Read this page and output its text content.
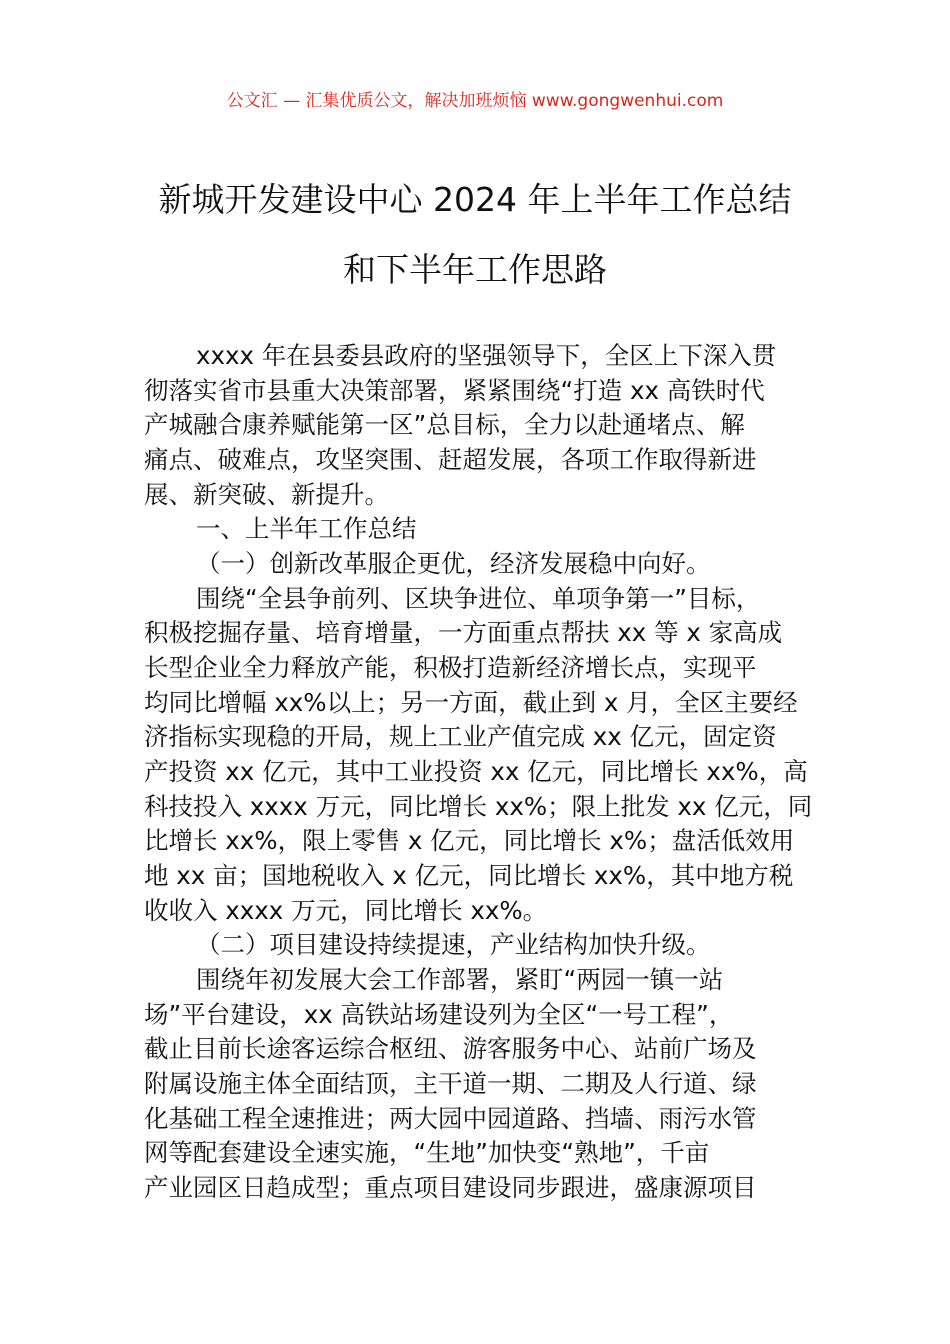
公文汇 — 汇集优质公文，解决加班烦恼 www.gongwenhui.com
新城开发建设中心 2024 年上半年工作总结
和下半年工作思路
xxxx 年在县委县政府的坚强领导下，全区上下深入贯
彻落实省市县重大决策部署，紧紧围绕“打造 xx 高铁时代
产城融合康养赋能第一区”总目标，全力以赴通堵点、解
痛点、破难点，攻坚突围、赶超发展，各项工作取得新进
展、新突破、新提升。
一、上半年工作总结
（一）创新改革服企更优，经济发展稳中向好。
围绕“全县争前列、区块争进位、单项争第一”目标，
积极挖掘存量、培育增量，一方面重点帮扶 xx 等 x 家高成
长型企业全力释放产能，积极打造新经济增长点，实现平
均同比增幅 xx%以上；另一方面，截止到 x 月，全区主要经
济指标实现稳的开局，规上工业产值完成 xx 亿元，固定资
产投资 xx 亿元，其中工业投资 xx 亿元，同比增长 xx%，高
科技投入 xxxx 万元，同比增长 xx%；限上批发 xx 亿元，同
比增长 xx%，限上零售 x 亿元，同比增长 x%；盘活低效用
地 xx 亩；国地税收入 x 亿元，同比增长 xx%，其中地方税
收收入 xxxx 万元，同比增长 xx%。
（二）项目建设持续提速，产业结构加快升级。
围绕年初发展大会工作部署，紧盯“两园一镇一站
场”平台建设，xx 高铁站场建设列为全区“一号工程”，
截止目前长途客运综合枢纽、游客服务中心、站前广场及
附属设施主体全面结顶，主干道一期、二期及人行道、绿
化基础工程全速推进；两大园中园道路、挡墙、雨污水管
网等配套建设全速实施，“生地”加快变“熟地”，千亩
产业园区日趋成型；重点项目建设同步跟进，盛康源项目
